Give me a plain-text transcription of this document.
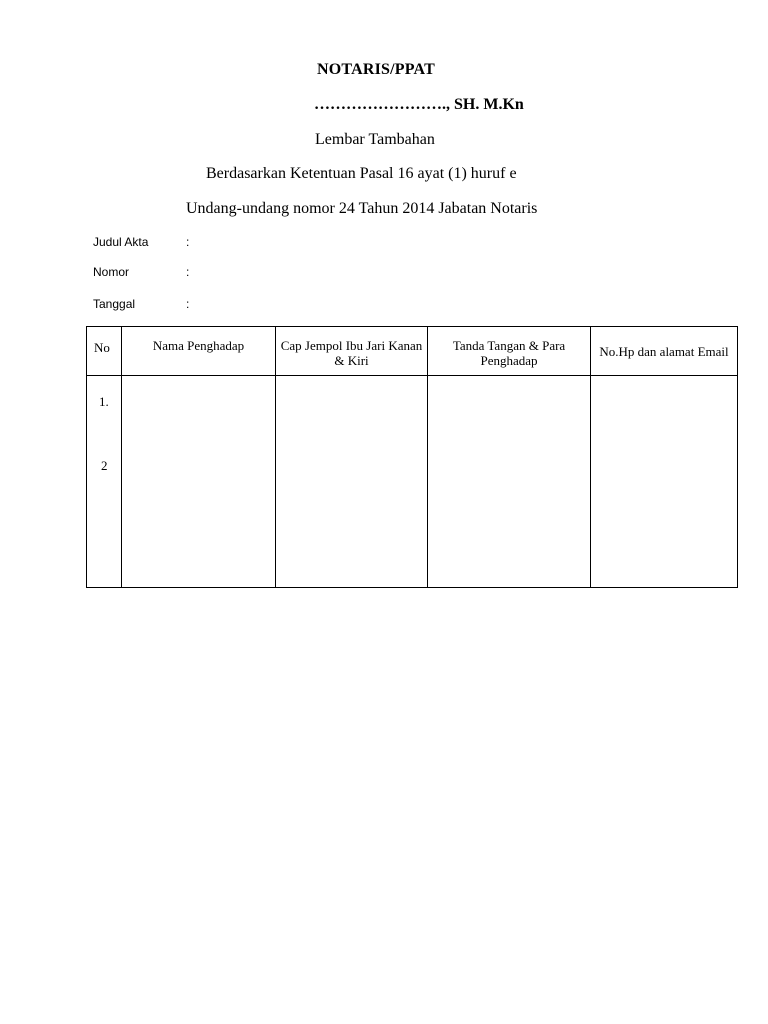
NOTARIS/PPAT
……………………., SH. M.Kn
Lembar Tambahan
Berdasarkan Ketentuan Pasal 16 ayat (1) huruf e
Undang-undang nomor 24 Tahun 2014 Jabatan Notaris
Judul Akta	:
Nomor	:
Tanggal	:
No	Nama Penghadap	Cap Jempol Ibu Jari Kanan & Kiri	Tanda Tangan & Para Penghadap	No.Hp dan alamat Email

1.
2				
